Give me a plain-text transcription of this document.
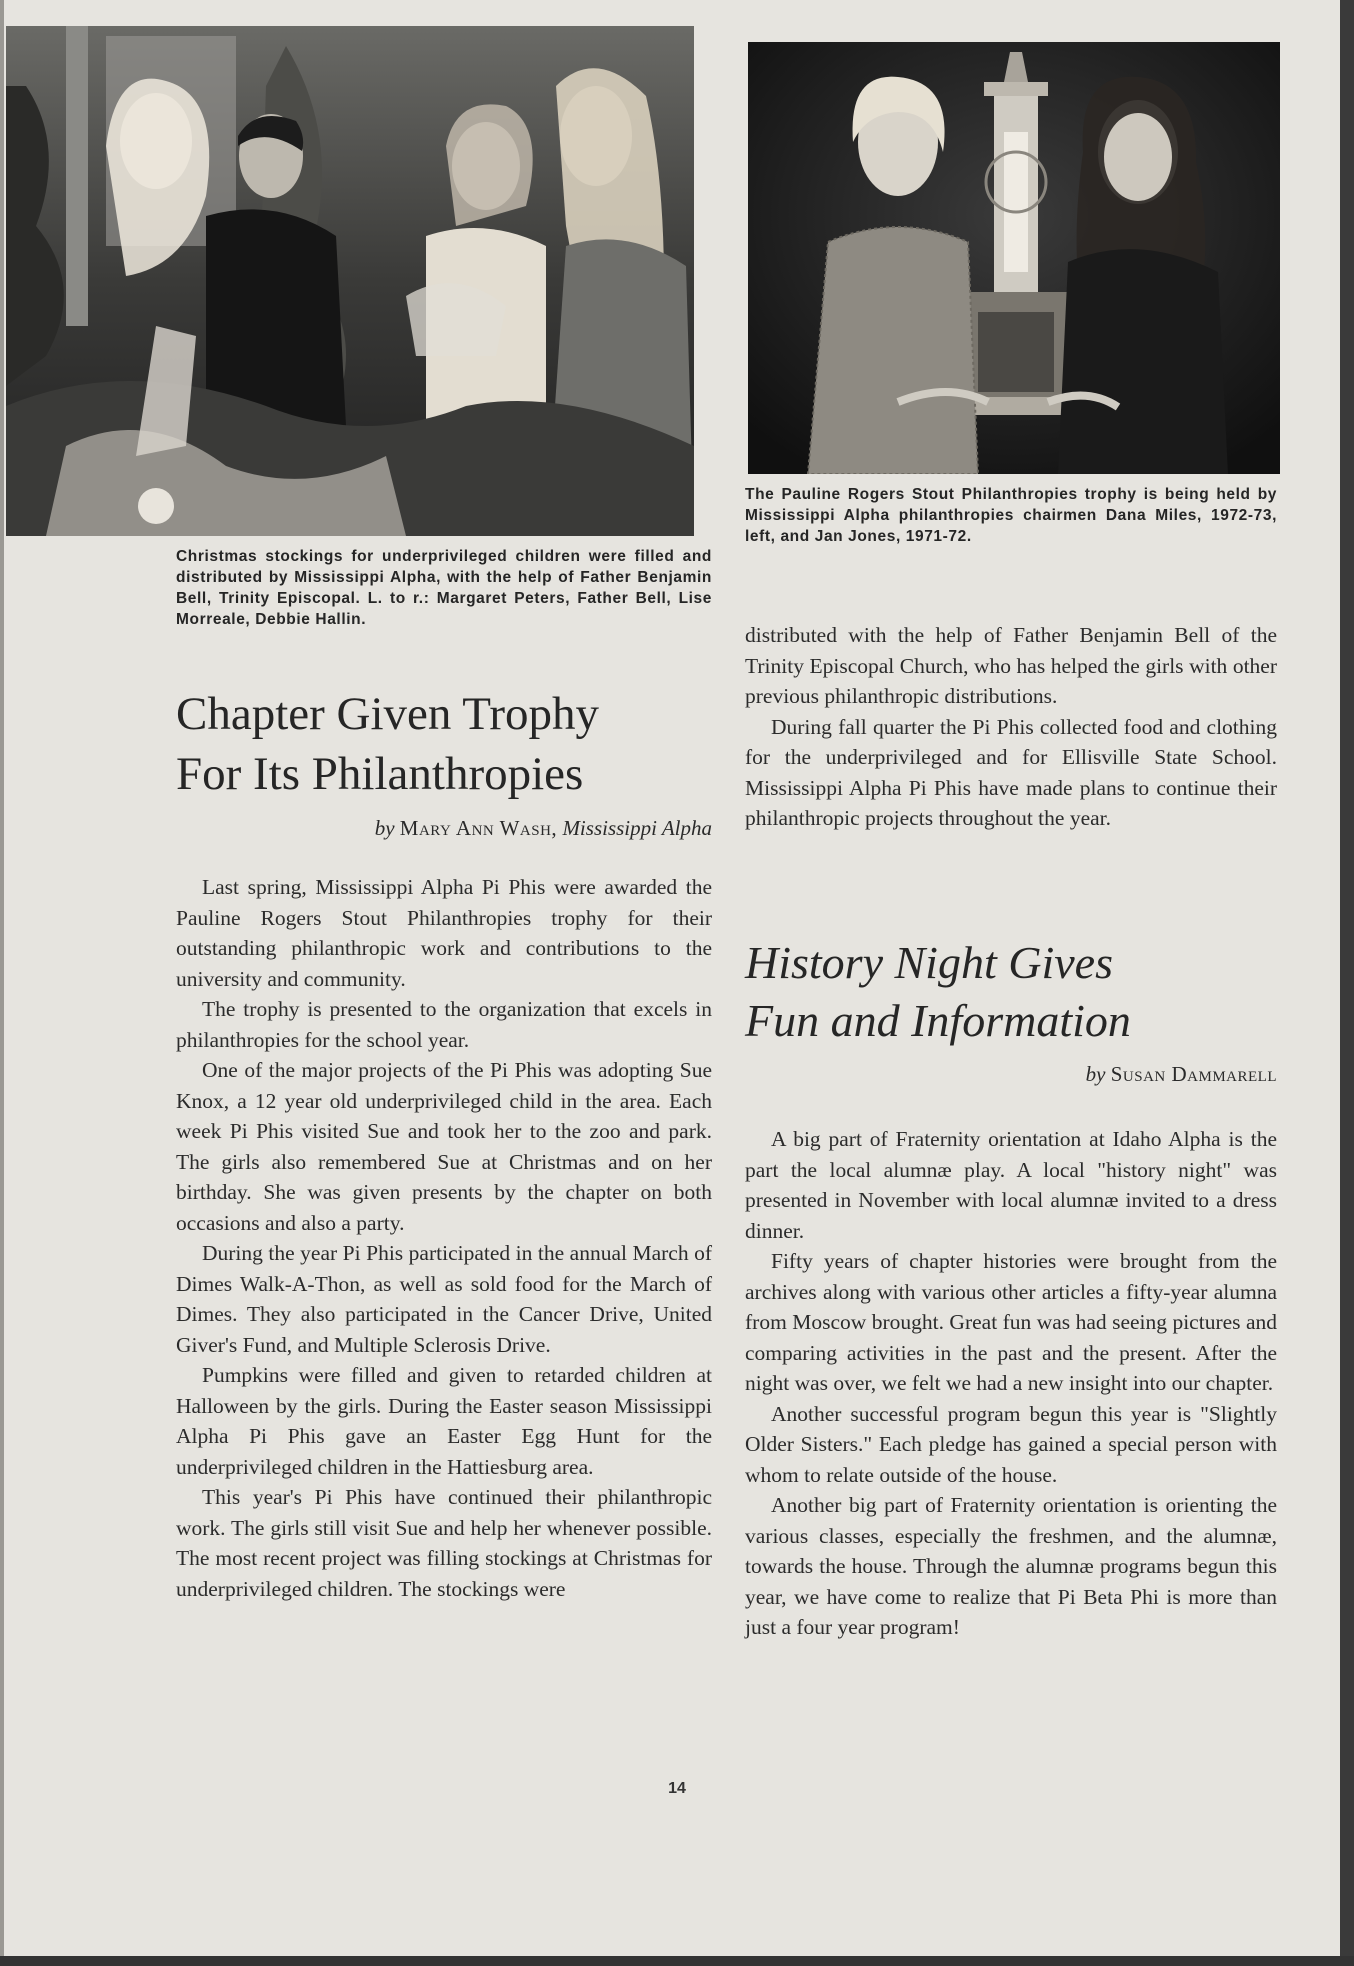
Christmas stockings for underprivileged children were filled and distributed by Mississippi Alpha, with the help of Father Benjamin Bell, Trinity Episcopal. L. to r.: Margaret Peters, Father Bell, Lise Morreale, Debbie Hallin.
The Pauline Rogers Stout Philanthropies trophy is being held by Mississippi Alpha philanthropies chairmen Dana Miles, 1972-73, left, and Jan Jones, 1971-72.
Chapter Given Trophy
For Its Philanthropies
by Mary Ann Wash, Mississippi Alpha

Last spring, Mississippi Alpha Pi Phis were awarded the Pauline Rogers Stout Philanthropies trophy for their outstanding philanthropic work and contributions to the university and community.

The trophy is presented to the organization that excels in philanthropies for the school year.

One of the major projects of the Pi Phis was adopting Sue Knox, a 12 year old underprivileged child in the area. Each week Pi Phis visited Sue and took her to the zoo and park. The girls also remembered Sue at Christmas and on her birthday. She was given presents by the chapter on both occasions and also a party.

During the year Pi Phis participated in the annual March of Dimes Walk-A-Thon, as well as sold food for the March of Dimes. They also participated in the Cancer Drive, United Giver's Fund, and Multiple Sclerosis Drive.

Pumpkins were filled and given to retarded children at Halloween by the girls. During the Easter season Mississippi Alpha Pi Phis gave an Easter Egg Hunt for the underprivileged children in the Hattiesburg area.

This year's Pi Phis have continued their philanthropic work. The girls still visit Sue and help her whenever possible. The most recent project was filling stockings at Christmas for underprivileged children. The stockings were

distributed with the help of Father Benjamin Bell of the Trinity Episcopal Church, who has helped the girls with other previous philanthropic distributions.

During fall quarter the Pi Phis collected food and clothing for the underprivileged and for Ellisville State School. Mississippi Alpha Pi Phis have made plans to continue their philanthropic projects throughout the year.

History Night Gives
Fun and Information
by Susan Dammarell

A big part of Fraternity orientation at Idaho Alpha is the part the local alumnæ play. A local "history night" was presented in November with local alumnæ invited to a dress dinner.

Fifty years of chapter histories were brought from the archives along with various other articles a fifty-year alumna from Moscow brought. Great fun was had seeing pictures and comparing activities in the past and the present. After the night was over, we felt we had a new insight into our chapter.

Another successful program begun this year is "Slightly Older Sisters." Each pledge has gained a special person with whom to relate outside of the house.

Another big part of Fraternity orientation is orienting the various classes, especially the freshmen, and the alumnæ, towards the house. Through the alumnæ programs begun this year, we have come to realize that Pi Beta Phi is more than just a four year program!

14
